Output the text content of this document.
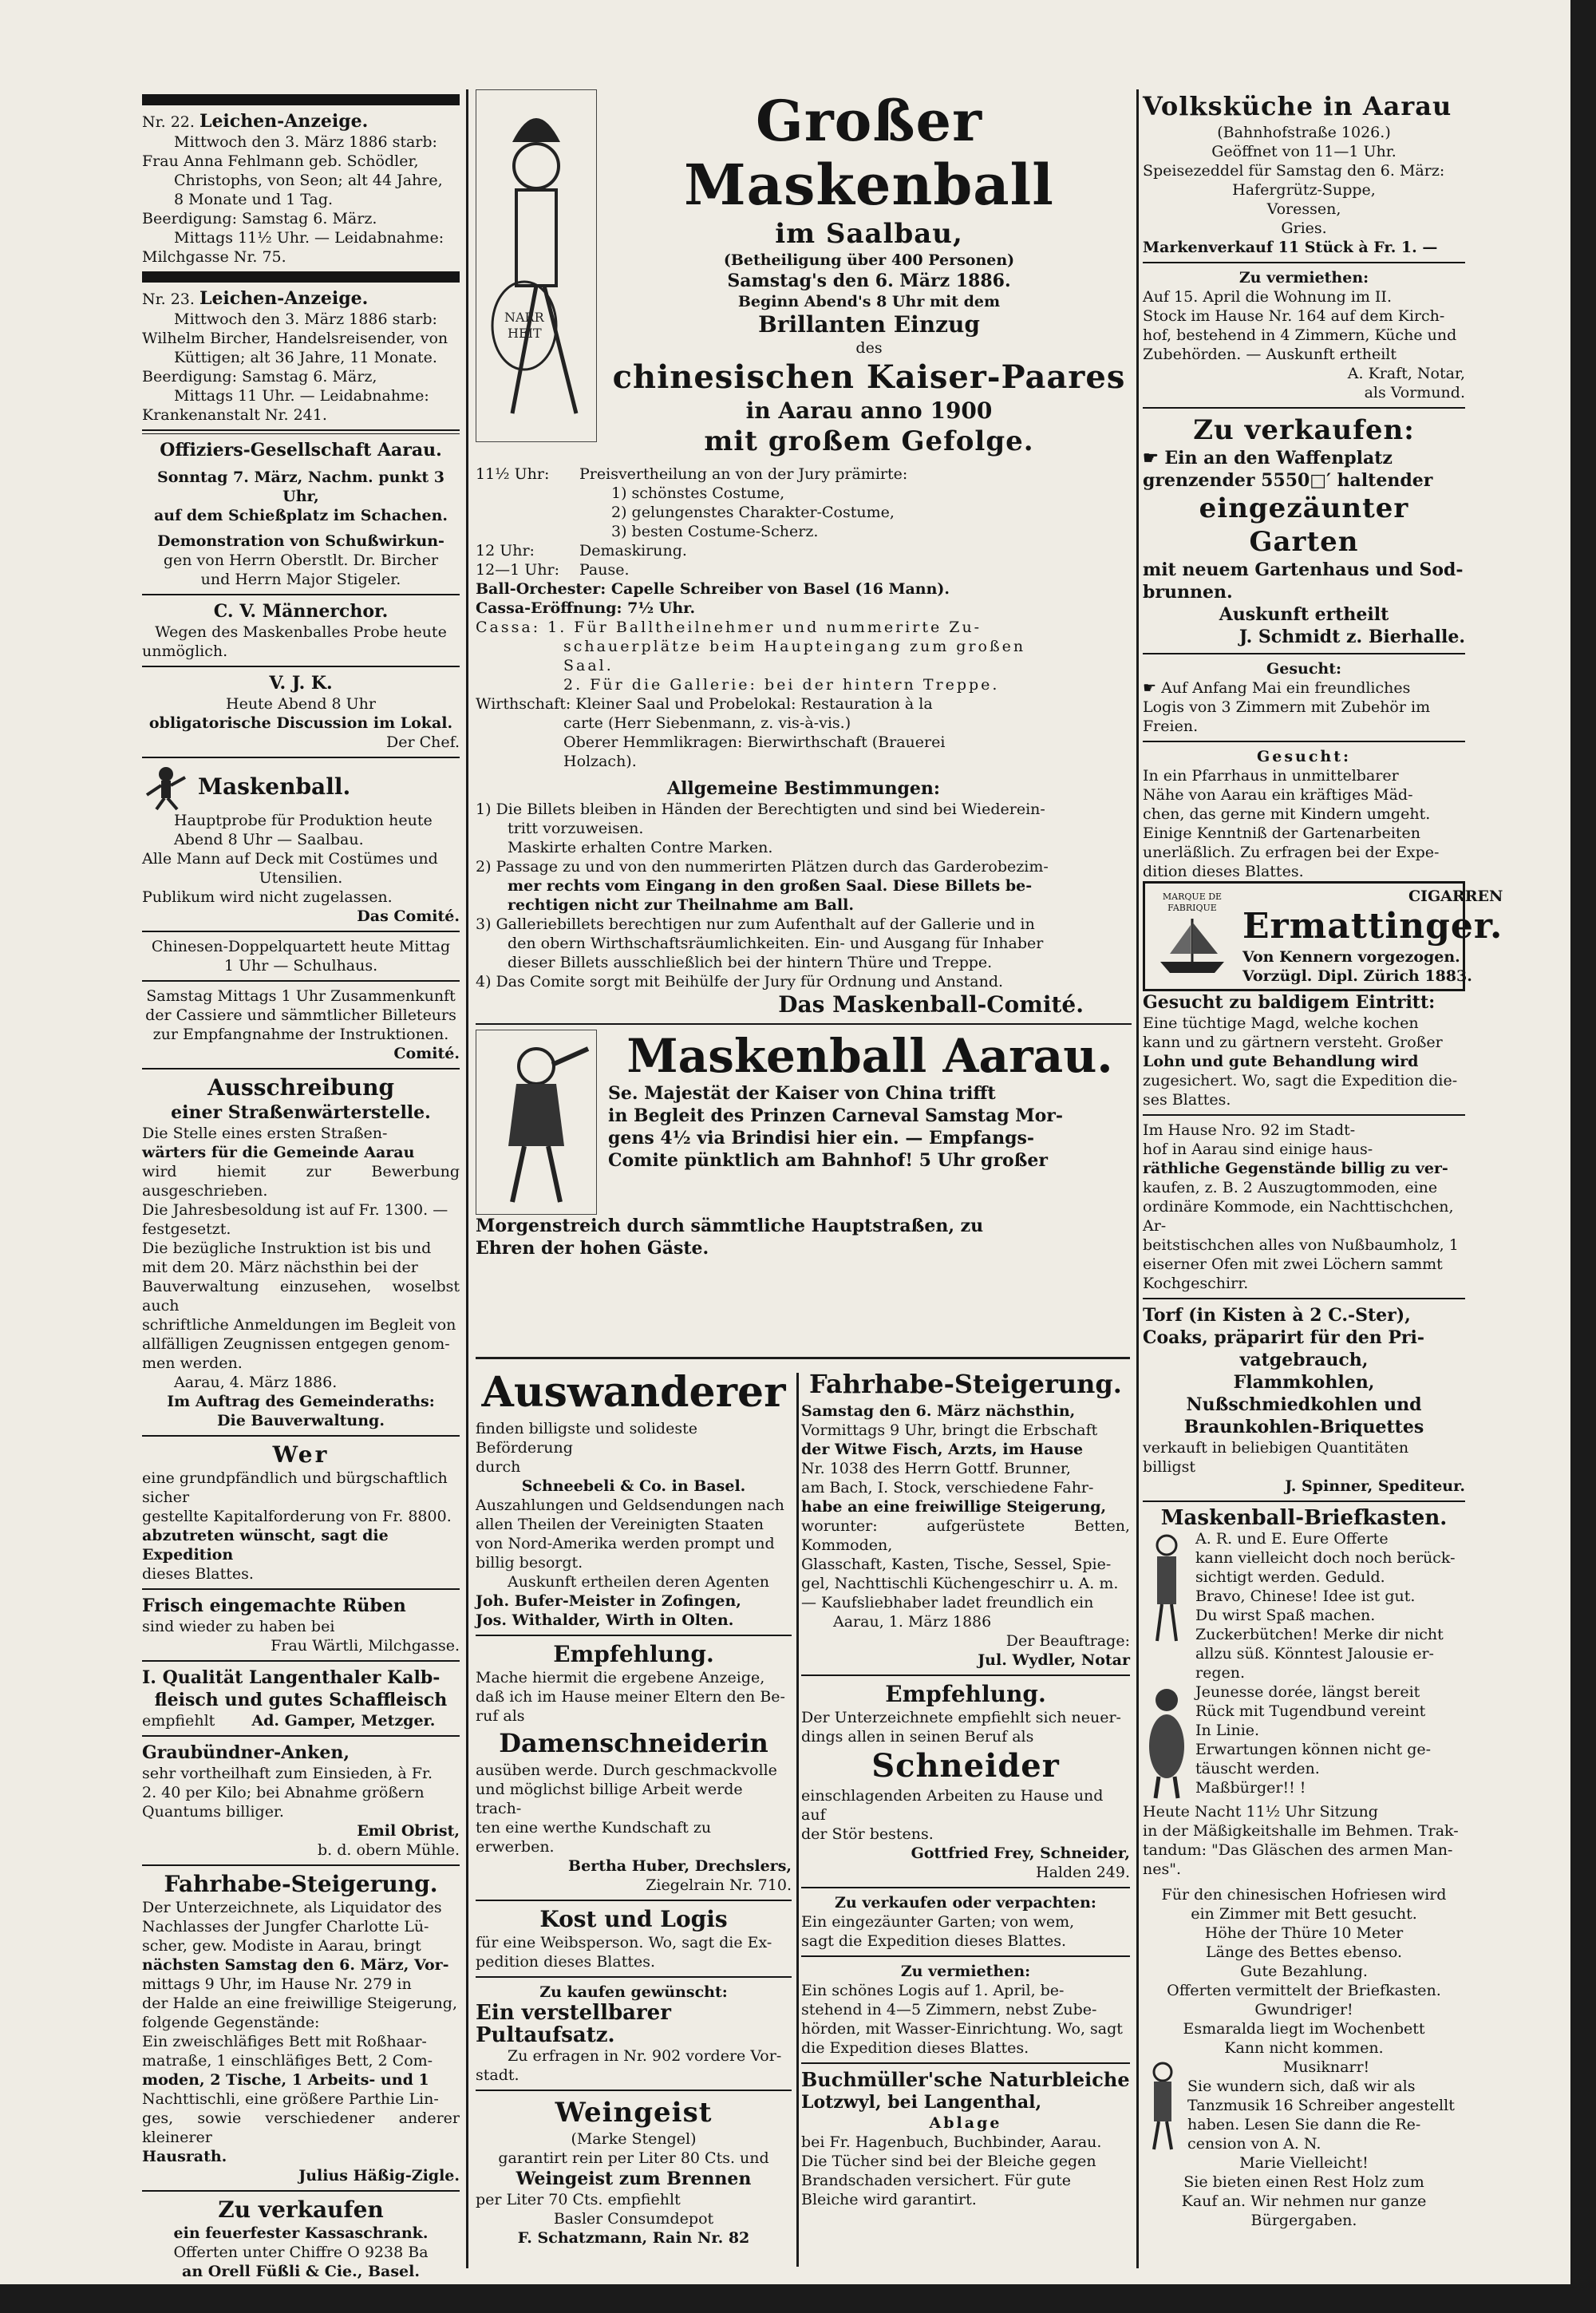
Nr. 22. Leichen-Anzeige.

Mittwoch den 3. März 1886 starb:

Frau Anna Fehlmann geb. Schödler,

Christophs, von Seon; alt 44 Jahre,

8 Monate und 1 Tag.

Beerdigung: Samstag 6. März.

Mittags 11½ Uhr. — Leidabnahme:

Milchgasse Nr. 75.

Nr. 23. Leichen-Anzeige.

Mittwoch den 3. März 1886 starb:

Wilhelm Bircher, Handelsreisender, von

Küttigen; alt 36 Jahre, 11 Monate.

Beerdigung: Samstag 6. März,

Mittags 11 Uhr. — Leidabnahme:

Krankenanstalt Nr. 241.

Offiziers-Gesellschaft Aarau.

Sonntag 7. März, Nachm. punkt 3 Uhr,

auf dem Schießplatz im Schachen.

Demonstration von Schußwirkun-

gen von Herrn Oberstlt. Dr. Bircher

und Herrn Major Stigeler.

C. V. Männerchor.

Wegen des Maskenballes Probe heute

unmöglich.

V. J. K.

Heute Abend 8 Uhr

obligatorische Discussion im Lokal.

Der Chef.

Maskenball.

Hauptprobe für Produktion heute

Abend 8 Uhr — Saalbau.

Alle Mann auf Deck mit Costümes und

Utensilien.

Publikum wird nicht zugelassen.

Das Comité.

Chinesen-Doppelquartett heute Mittag

1 Uhr — Schulhaus.

Samstag Mittags 1 Uhr Zusammenkunft

der Cassiere und sämmtlicher Billeteurs

zur Empfangnahme der Instruktionen.

Comité.

Ausschreibung

einer Straßenwärterstelle.

Die Stelle eines ersten Straßen-

wärters für die Gemeinde Aarau

wird hiemit zur Bewerbung ausgeschrieben.

Die Jahresbesoldung ist auf Fr. 1300. —

festgesetzt.

Die bezügliche Instruktion ist bis und

mit dem 20. März nächsthin bei der

Bauverwaltung einzusehen, woselbst auch

schriftliche Anmeldungen im Begleit von

allfälligen Zeugnissen entgegen genom-

men werden.

Aarau, 4. März 1886.

Im Auftrag des Gemeinderaths:

Die Bauverwaltung.

Wer

eine grundpfändlich und bürgschaftlich sicher

gestellte Kapitalforderung von Fr. 8800.

abzutreten wünscht, sagt die Expedition

dieses Blattes.

Frisch eingemachte Rüben

sind wieder zu haben bei

Frau Wärtli, Milchgasse.

I. Qualität Langenthaler Kalb-

fleisch und gutes Schaffleisch

empfiehlt Ad. Gamper, Metzger.

Graubündner-Anken,

sehr vortheilhaft zum Einsieden, à Fr.

2. 40 per Kilo; bei Abnahme größern

Quantums billiger.

Emil Obrist,

b. d. obern Mühle.

Fahrhabe-Steigerung.

Der Unterzeichnete, als Liquidator des

Nachlasses der Jungfer Charlotte Lü-

scher, gew. Modiste in Aarau, bringt

nächsten Samstag den 6. März, Vor-

mittags 9 Uhr, im Hause Nr. 279 in

der Halde an eine freiwillige Steigerung,

folgende Gegenstände:

Ein zweischläfiges Bett mit Roßhaar-

matraße, 1 einschläfiges Bett, 2 Com-

moden, 2 Tische, 1 Arbeits- und 1

Nachttischli, eine größere Parthie Lin-

ges, sowie verschiedener anderer kleinerer

Hausrath.

Julius Häßig-Zigle.

Zu verkaufen

ein feuerfester Kassaschrank.

Offerten unter Chiffre O 9238 Ba

an Orell Füßli & Cie., Basel.

NARR
HEIT

Großer Maskenball

im Saalbau,

(Betheiligung über 400 Personen)

Samstag's den 6. März 1886.

Beginn Abend's 8 Uhr mit dem

Brillanten Einzug

des

chinesischen Kaiser-Paares

in Aarau anno 1900

mit großem Gefolge.

11½ Uhr:	Preisvertheilung an von der Jury prämirte:
1) schönstes Costume,
2) gelungenstes Charakter-Costume,
3) besten Costume-Scherz.
12 Uhr:	Demaskirung.
12—1 Uhr:	Pause.

Ball-Orchester: Capelle Schreiber von Basel (16 Mann).

Cassa-Eröffnung: 7½ Uhr.

Cassa: 1. Für Balltheilnehmer und nummerirte Zu-

schauerplätze beim Haupteingang zum großen

Saal.

2. Für die Gallerie: bei der hintern Treppe.

Wirthschaft: Kleiner Saal und Probelokal: Restauration à la

carte (Herr Siebenmann, z. vis-à-vis.)

Oberer Hemmlikragen: Bierwirthschaft (Brauerei

Holzach).

Allgemeine Bestimmungen:

1) Die Billets bleiben in Händen der Berechtigten und sind bei Wiederein-

tritt vorzuweisen.

Maskirte erhalten Contre Marken.

2) Passage zu und von den nummerirten Plätzen durch das Garderobezim-

mer rechts vom Eingang in den großen Saal. Diese Billets be-

rechtigen nicht zur Theilnahme am Ball.

3) Galleriebillets berechtigen nur zum Aufenthalt auf der Gallerie und in

den obern Wirthschaftsräumlichkeiten. Ein- und Ausgang für Inhaber

dieser Billets ausschließlich bei der hintern Thüre und Treppe.

4) Das Comite sorgt mit Beihülfe der Jury für Ordnung und Anstand.

Das Maskenball-Comité.

Maskenball Aarau.

Se. Majestät der Kaiser von China trifft

in Begleit des Prinzen Carneval Samstag Mor-

gens 4½ via Brindisi hier ein. — Empfangs-

Comite pünktlich am Bahnhof! 5 Uhr großer

Morgenstreich durch sämmtliche Hauptstraßen, zu

Ehren der hohen Gäste.

Auswanderer

finden billigste und solideste Beförderung

durch

Schneebeli & Co. in Basel.

Auszahlungen und Geldsendungen nach

allen Theilen der Vereinigten Staaten

von Nord-Amerika werden prompt und

billig besorgt.

Auskunft ertheilen deren Agenten

Joh. Bufer-Meister in Zofingen,

Jos. Withalder, Wirth in Olten.

Empfehlung.

Mache hiermit die ergebene Anzeige,

daß ich im Hause meiner Eltern den Be-

ruf als

Damenschneiderin

ausüben werde. Durch geschmackvolle

und möglichst billige Arbeit werde trach-

ten eine werthe Kundschaft zu erwerben.

Bertha Huber, Drechslers,

Ziegelrain Nr. 710.

Kost und Logis

für eine Weibsperson. Wo, sagt die Ex-

pedition dieses Blattes.

Zu kaufen gewünscht:

Ein verstellbarer Pultaufsatz.

Zu erfragen in Nr. 902 vordere Vor-

stadt.

Weingeist

(Marke Stengel)

garantirt rein per Liter 80 Cts. und

Weingeist zum Brennen

per Liter 70 Cts. empfiehlt

Basler Consumdepot

F. Schatzmann, Rain Nr. 82

Fahrhabe-Steigerung.

Samstag den 6. März nächsthin,

Vormittags 9 Uhr, bringt die Erbschaft

der Witwe Fisch, Arzts, im Hause

Nr. 1038 des Herrn Gottf. Brunner,

am Bach, I. Stock, verschiedene Fahr-

habe an eine freiwillige Steigerung,

worunter: aufgerüstete Betten, Kommoden,

Glasschaft, Kasten, Tische, Sessel, Spie-

gel, Nachttischli Küchengeschirr u. A. m.

— Kaufsliebhaber ladet freundlich ein

Aarau, 1. März 1886

Der Beauftrage:

Jul. Wydler, Notar

Empfehlung.

Der Unterzeichnete empfiehlt sich neuer-

dings allen in seinen Beruf als

Schneider

einschlagenden Arbeiten zu Hause und auf

der Stör bestens.

Gottfried Frey, Schneider,

Halden 249.

Zu verkaufen oder verpachten:

Ein eingezäunter Garten; von wem,

sagt die Expedition dieses Blattes.

Zu vermiethen:

Ein schönes Logis auf 1. April, be-

stehend in 4—5 Zimmern, nebst Zube-

hörden, mit Wasser-Einrichtung. Wo, sagt

die Expedition dieses Blattes.

Buchmüller'sche Naturbleiche

Lotzwyl, bei Langenthal,

Ablage

bei Fr. Hagenbuch, Buchbinder, Aarau.

Die Tücher sind bei der Bleiche gegen

Brandschaden versichert. Für gute

Bleiche wird garantirt.

Volksküche in Aarau

(Bahnhofstraße 1026.)

Geöffnet von 11—1 Uhr.

Speisezeddel für Samstag den 6. März:

Hafergrütz-Suppe,

Voressen,

Gries.

Markenverkauf 11 Stück à Fr. 1. —

Zu vermiethen:

Auf 15. April die Wohnung im II.

Stock im Hause Nr. 164 auf dem Kirch-

hof, bestehend in 4 Zimmern, Küche und

Zubehörden. — Auskunft ertheilt

A. Kraft, Notar,

als Vormund.

Zu verkaufen:

☛ Ein an den Waffenplatz

grenzender 5550□′ haltender

eingezäunter Garten

mit neuem Gartenhaus und Sod-

brunnen.

Auskunft ertheilt

J. Schmidt z. Bierhalle.

Gesucht:

☛ Auf Anfang Mai ein freundliches

Logis von 3 Zimmern mit Zubehör im

Freien.

Gesucht:

In ein Pfarrhaus in unmittelbarer

Nähe von Aarau ein kräftiges Mäd-

chen, das gerne mit Kindern umgeht.

Einige Kenntniß der Gartenarbeiten

unerläßlich. Zu erfragen bei der Expe-

dition dieses Blattes.

MARQUE DE FABRIQUE

CIGARREN

Ermattinger.

Von Kennern vorgezogen.

Vorzügl. Dipl. Zürich 1883.

Gesucht zu baldigem Eintritt:

Eine tüchtige Magd, welche kochen

kann und zu gärtnern versteht. Großer

Lohn und gute Behandlung wird

zugesichert. Wo, sagt die Expedition die-

ses Blattes.

Im Hause Nro. 92 im Stadt-

hof in Aarau sind einige haus-

räthliche Gegenstände billig zu ver-

kaufen, z. B. 2 Auszugtommoden, eine

ordinäre Kommode, ein Nachttischchen, Ar-

beitstischchen alles von Nußbaumholz, 1

eiserner Ofen mit zwei Löchern sammt

Kochgeschirr.

Torf (in Kisten à 2 C.-Ster),

Coaks, präparirt für den Pri-

vatgebrauch,

Flammkohlen,

Nußschmiedkohlen und

Braunkohlen-Briquettes

verkauft in beliebigen Quantitäten billigst

J. Spinner, Spediteur.

Maskenball-Briefkasten.

A. R. und E. Eure Offerte

kann vielleicht doch noch berück-

sichtigt werden. Geduld.

Bravo, Chinese! Idee ist gut.

Du wirst Spaß machen.

Zuckerbütchen! Merke dir nicht

allzu süß. Könntest Jalousie er-

regen.

Jeunesse dorée, längst bereit

Rück mit Tugendbund vereint

In Linie.

Erwartungen können nicht ge-

täuscht werden.

Maßbürger!! !

Heute Nacht 11½ Uhr Sitzung

in der Mäßigkeitshalle im Behmen. Trak-

tandum: "Das Gläschen des armen Man-

nes".

Für den chinesischen Hofriesen wird

ein Zimmer mit Bett gesucht.

Höhe der Thüre 10 Meter

Länge des Bettes ebenso.

Gute Bezahlung.

Offerten vermittelt der Briefkasten.

Gwundriger!

Esmaralda liegt im Wochenbett

Kann nicht kommen.

Musiknarr!

Sie wundern sich, daß wir als

Tanzmusik 16 Schreiber angestellt

haben. Lesen Sie dann die Re-

cension von A. N.

Marie Vielleicht!

Sie bieten einen Rest Holz zum

Kauf an. Wir nehmen nur ganze

Bürgergaben.
